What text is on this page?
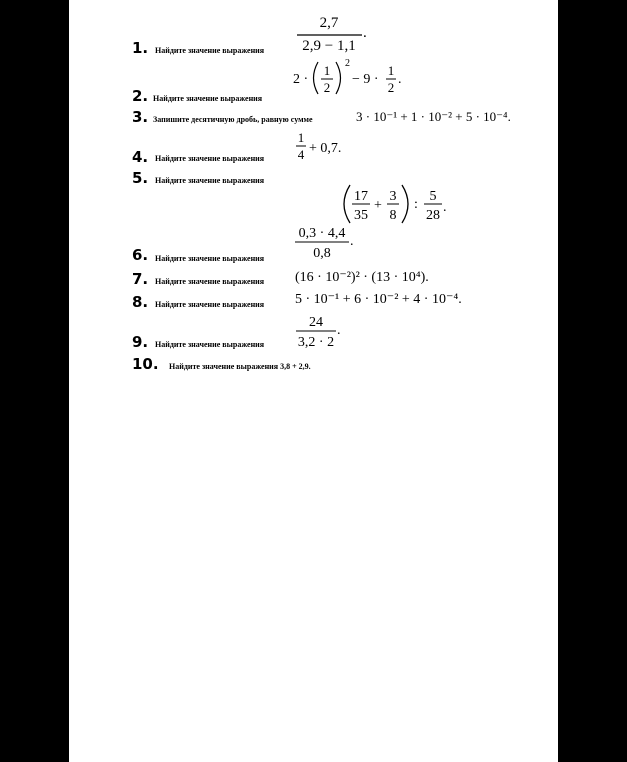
1. Найдите значение выражения
2. Найдите значение выражения
3. Запишите десятичную дробь, равную сумме
4. Найдите значение выражения
5. Найдите значение выражения
6. Найдите значение выражения
7. Найдите значение выражения
8. Найдите значение выражения
9. Найдите значение выражения
10. Найдите значение выражения 3,8 + 2,9.
2,7
2,9 − 1,1
.
2 ·
1
2
2
− 9 ·
1
2
.
3 · 10⁻¹ + 1 · 10⁻² + 5 · 10⁻⁴.
1
4 + 0,7.
17
35
+
3
8
:
5
28
.
0,3 · 4,4
0,8
.
(16 · 10⁻²)² · (13 · 10⁴).
5 · 10⁻¹ + 6 · 10⁻² + 4 · 10⁻⁴.
24
3,2 · 2
.
